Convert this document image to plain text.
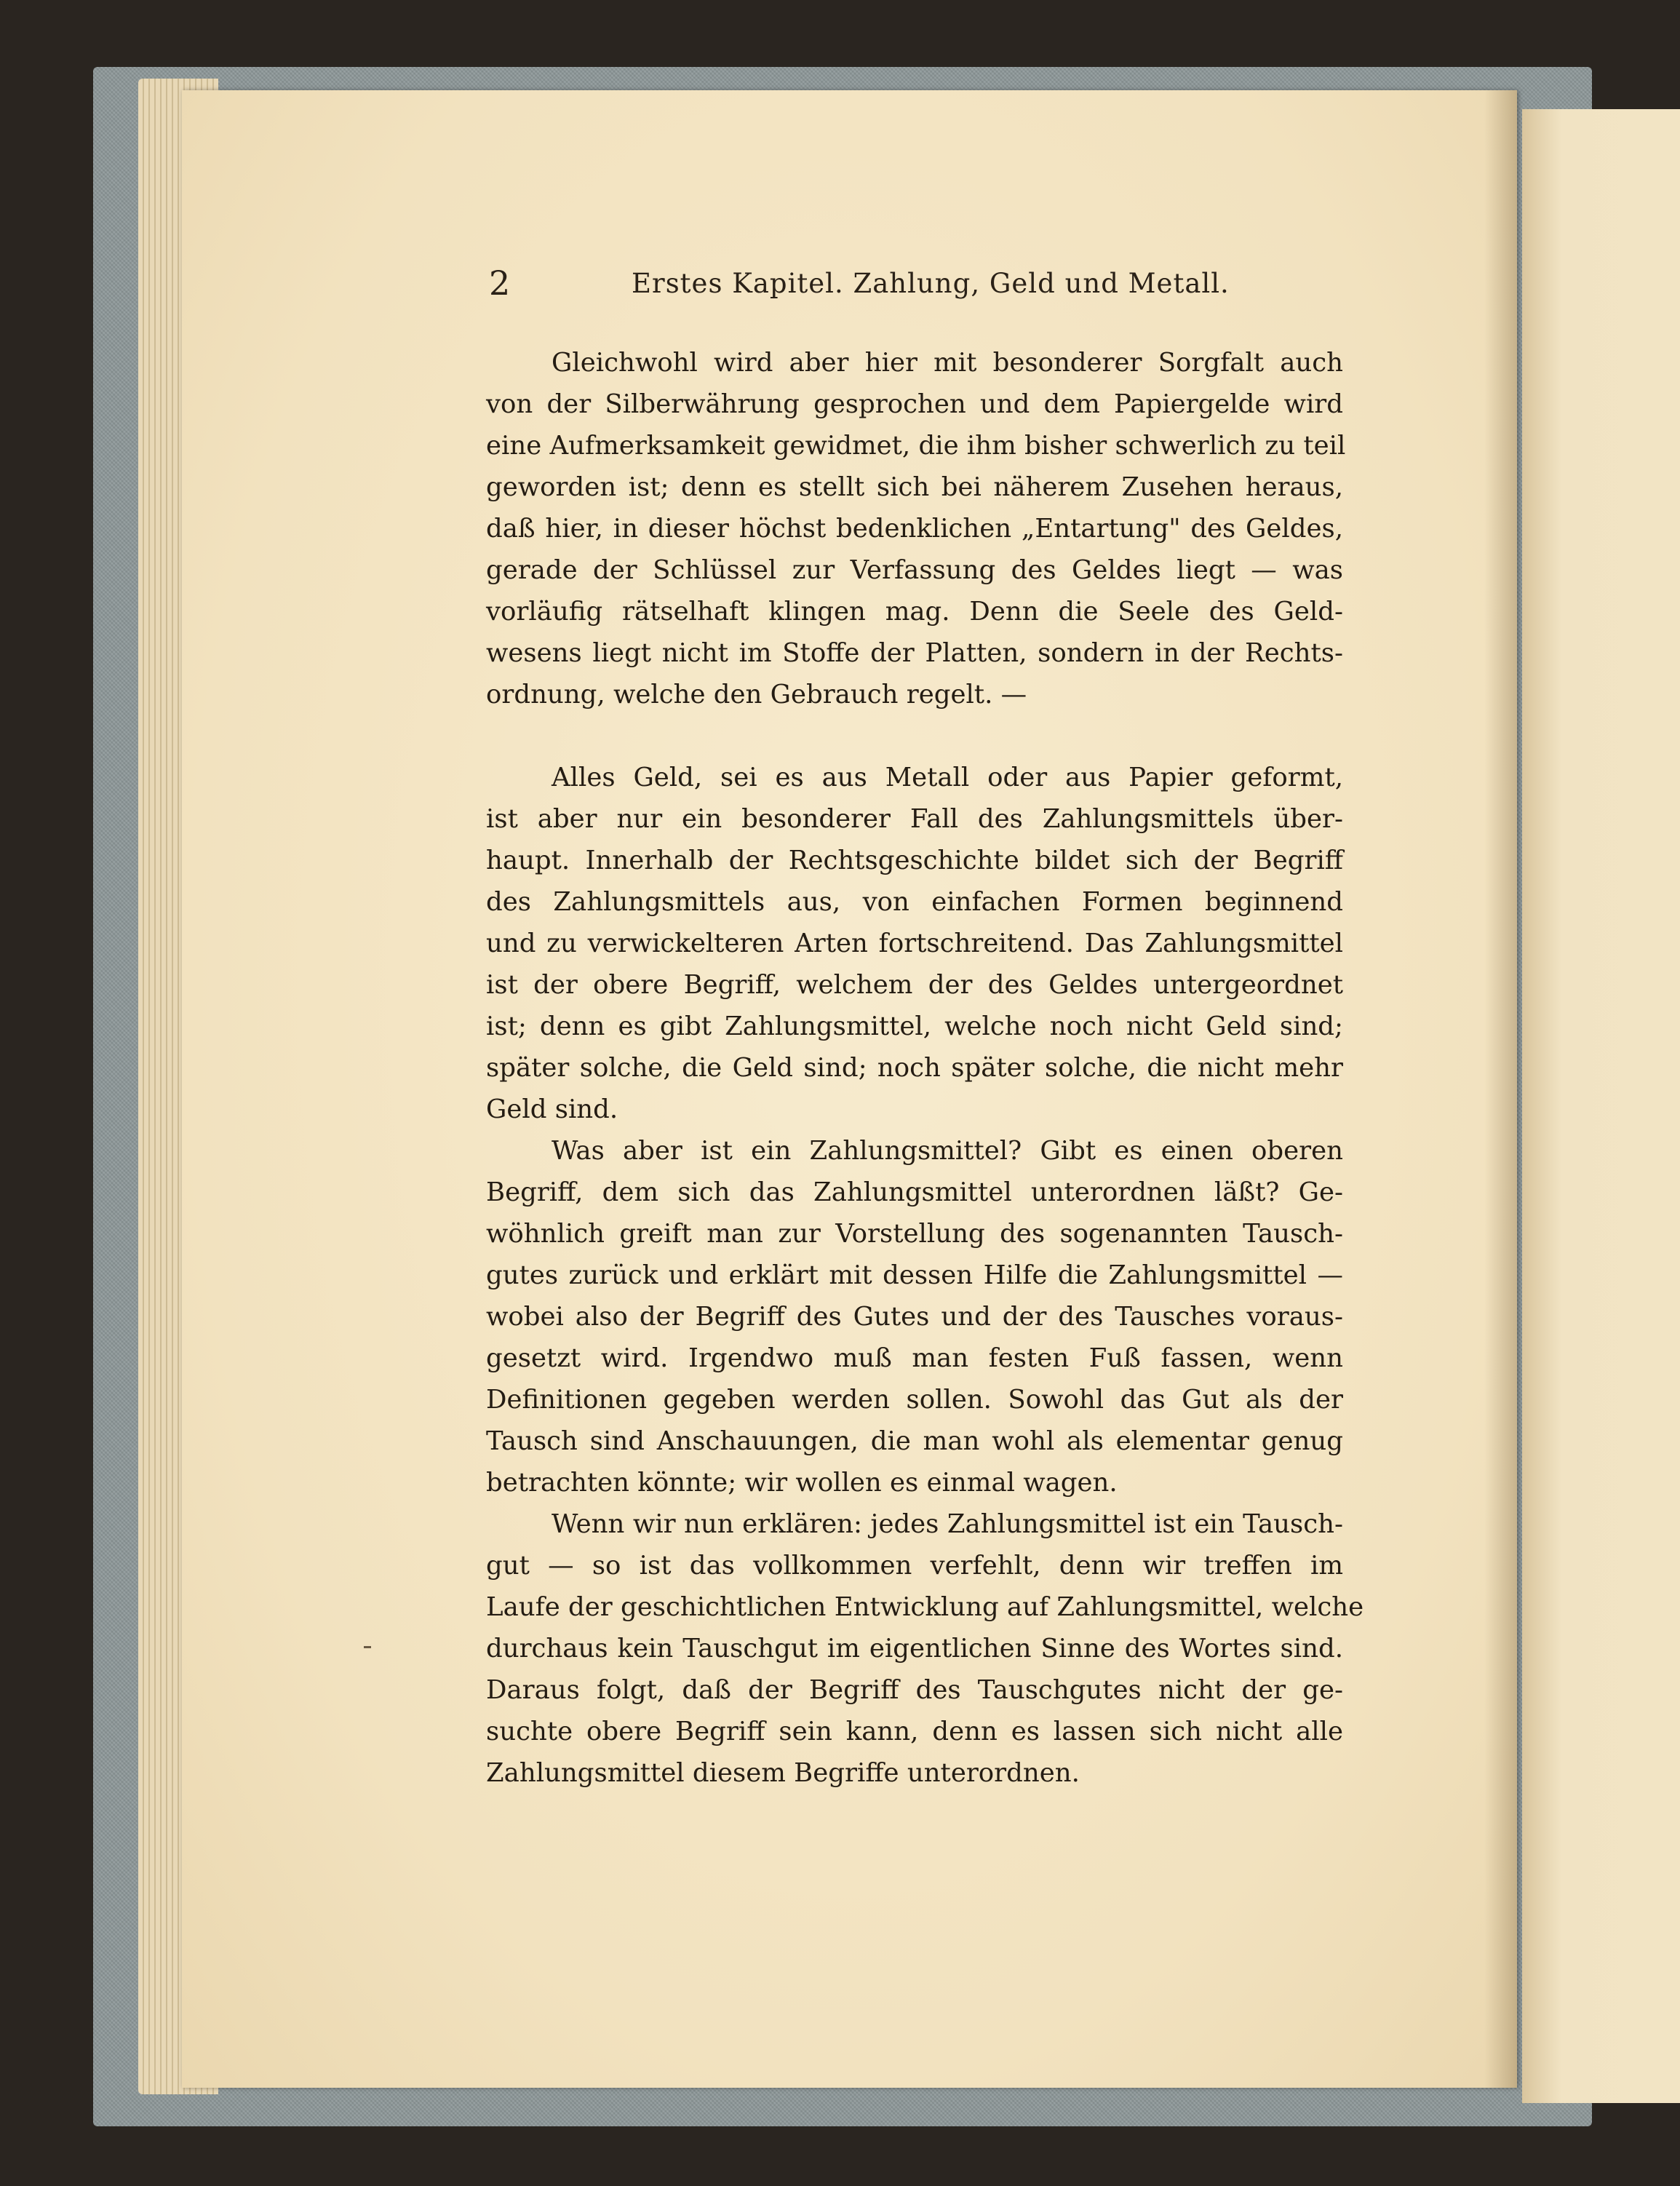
2	Erstes Kapitel. Zahlung, Geld und Metall.
Gleichwohl wird aber hier mit besonderer Sorgfalt auch
von der Silberwährung gesprochen und dem Papiergelde wird
eine Aufmerksamkeit gewidmet, die ihm bisher schwerlich zu teil
geworden ist; denn es stellt sich bei näherem Zusehen heraus,
daß hier, in dieser höchst bedenklichen „Entartung" des Geldes,
gerade der Schlüssel zur Verfassung des Geldes liegt — was
vorläufig rätselhaft klingen mag. Denn die Seele des Geld-
wesens liegt nicht im Stoffe der Platten, sondern in der Rechts-
ordnung, welche den Gebrauch regelt. —
Alles Geld, sei es aus Metall oder aus Papier geformt,
ist aber nur ein besonderer Fall des Zahlungsmittels über-
haupt. Innerhalb der Rechtsgeschichte bildet sich der Begriff
des Zahlungsmittels aus, von einfachen Formen beginnend
und zu verwickelteren Arten fortschreitend. Das Zahlungsmittel
ist der obere Begriff, welchem der des Geldes untergeordnet
ist; denn es gibt Zahlungsmittel, welche noch nicht Geld sind;
später solche, die Geld sind; noch später solche, die nicht mehr
Geld sind.
Was aber ist ein Zahlungsmittel? Gibt es einen oberen
Begriff, dem sich das Zahlungsmittel unterordnen läßt? Ge-
wöhnlich greift man zur Vorstellung des sogenannten Tausch-
gutes zurück und erklärt mit dessen Hilfe die Zahlungsmittel —
wobei also der Begriff des Gutes und der des Tausches voraus-
gesetzt wird. Irgendwo muß man festen Fuß fassen, wenn
Definitionen gegeben werden sollen. Sowohl das Gut als der
Tausch sind Anschauungen, die man wohl als elementar genug
betrachten könnte; wir wollen es einmal wagen.
Wenn wir nun erklären: jedes Zahlungsmittel ist ein Tausch-
gut — so ist das vollkommen verfehlt, denn wir treffen im
Laufe der geschichtlichen Entwicklung auf Zahlungsmittel, welche
durchaus kein Tauschgut im eigentlichen Sinne des Wortes sind.
Daraus folgt, daß der Begriff des Tauschgutes nicht der ge-
suchte obere Begriff sein kann, denn es lassen sich nicht alle
Zahlungsmittel diesem Begriffe unterordnen.
